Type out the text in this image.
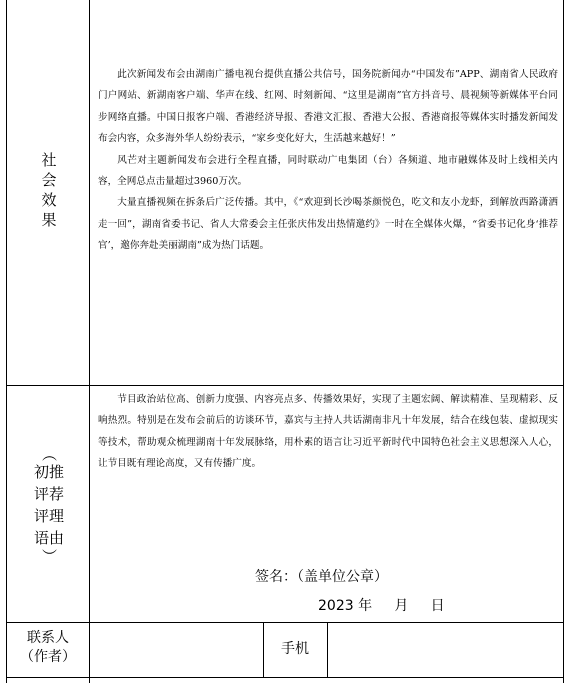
社
会
效
果

此次新闻发布会由湖南广播电视台提供直播公共信号，国务院新闻办“中国发布”APP、湖南省人民政府门户网站、新湖南客户端、华声在线、红网、时刻新闻、“这里是湖南”官方抖音号、晨视频等新媒体平台同步网络直播。中国日报客户端、香港经济导报、香港文汇报、香港大公报、香港商报等媒体实时播发新闻发布会内容，众多海外华人纷纷表示，“家乡变化好大，生活越来越好！”

风芒对主题新闻发布会进行全程直播，同时联动广电集团（台）各频道、地市融媒体及时上线相关内容，全网总点击量超过3960万次。

大量直播视频在拆条后广泛传播。其中，《“欢迎到长沙喝茶颜悦色，吃文和友小龙虾，到解放西路潇洒走一回”，湖南省委书记、省人大常委会主任张庆伟发出热情邀约》一时在全媒体火爆，“省委书记化身‘推荐官’，邀你奔赴美丽湖南”成为热门话题。

（
初推
评荐
评理
语由
）

节目政治站位高、创新力度强、内容亮点多、传播效果好，实现了主题宏阔、解读精准、呈现精彩、反响热烈。特别是在发布会前后的访谈环节，嘉宾与主持人共话湖南非凡十年发展，结合在线包装、虚拟现实等技术，帮助观众梳理湖南十年发展脉络，用朴素的语言让习近平新时代中国特色社会主义思想深入人心，让节目既有理论高度，又有传播广度。

签名：（盖单位公章）
2023 年     月     日
联系人
（作者）	手机
